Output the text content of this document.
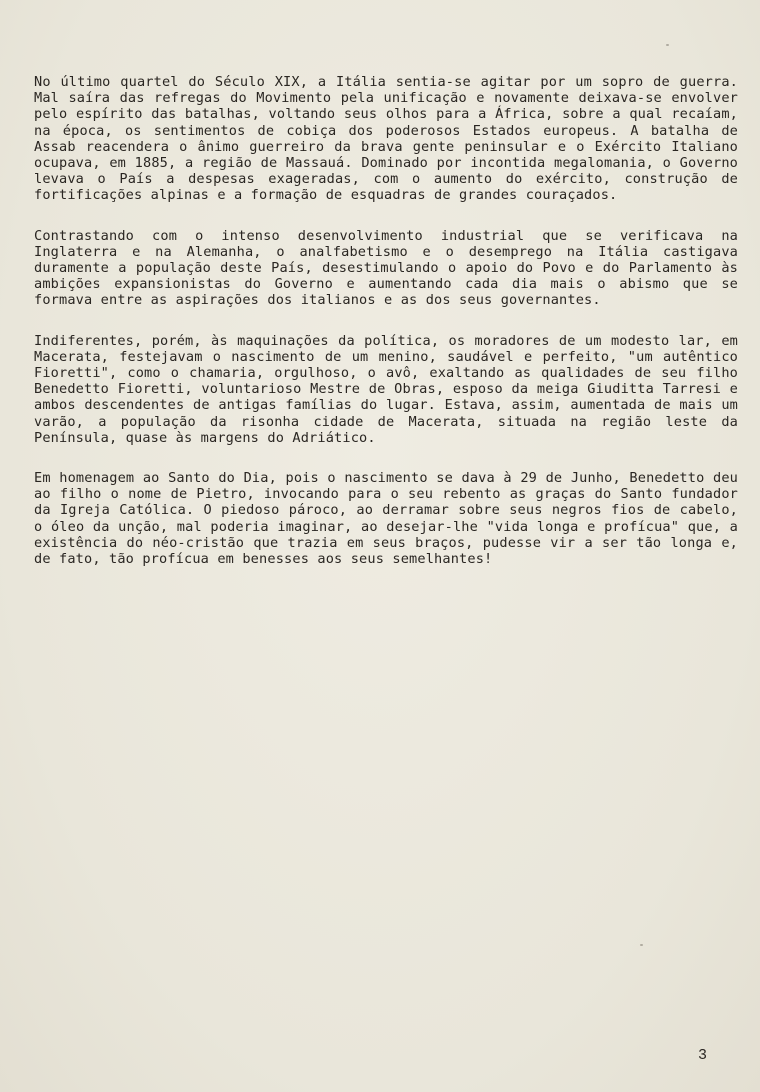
No último quartel do Século XIX, a Itália sentia-se agitar por um sopro de guerra. Mal saíra das refregas do Movimento pela unificação e novamente deixava-se envolver pelo espírito das batalhas, voltando seus olhos para a África, sobre a qual recaíam, na época, os sentimentos de cobiça dos poderosos Estados europeus. A batalha de Assab reacendera o ânimo guerreiro da brava gente peninsular e o Exército Italiano ocupava, em 1885, a região de Massauá. Dominado por incontida megalomania, o Governo levava o País a despesas exageradas, com o aumento do exército, construção de fortificações alpinas e a formação de esquadras de grandes couraçados.

Contrastando com o intenso desenvolvimento industrial que se verificava na Inglaterra e na Alemanha, o analfabetismo e o desemprego na Itália castigava duramente a população deste País, desestimulando o apoio do Povo e do Parlamento às ambições expansionistas do Governo e aumentando cada dia mais o abismo que se formava entre as aspirações dos italianos e as dos seus governantes.

Indiferentes, porém, às maquinações da política, os moradores de um modesto lar, em Macerata, festejavam o nascimento de um menino, saudável e perfeito, "um autêntico Fioretti", como o chamaria, orgulhoso, o avô, exaltando as qualidades de seu filho Benedetto Fioretti, voluntarioso Mestre de Obras, esposo da meiga Giuditta Tarresi e ambos descendentes de antigas famílias do lugar. Estava, assim, aumentada de mais um varão, a população da risonha cidade de Macerata, situada na região leste da Península, quase às margens do Adriático.

Em homenagem ao Santo do Dia, pois o nascimento se dava à 29 de Junho, Benedetto deu ao filho o nome de Pietro, invocando para o seu rebento as graças do Santo fundador da Igreja Católica. O piedoso pároco, ao derramar sobre seus negros fios de cabelo, o óleo da unção, mal poderia imaginar, ao desejar-lhe "vida longa e profícua" que, a existência do néo-cristão que trazia em seus braços, pudesse vir a ser tão longa e, de fato, tão profícua em benesses aos seus semelhantes!

3
